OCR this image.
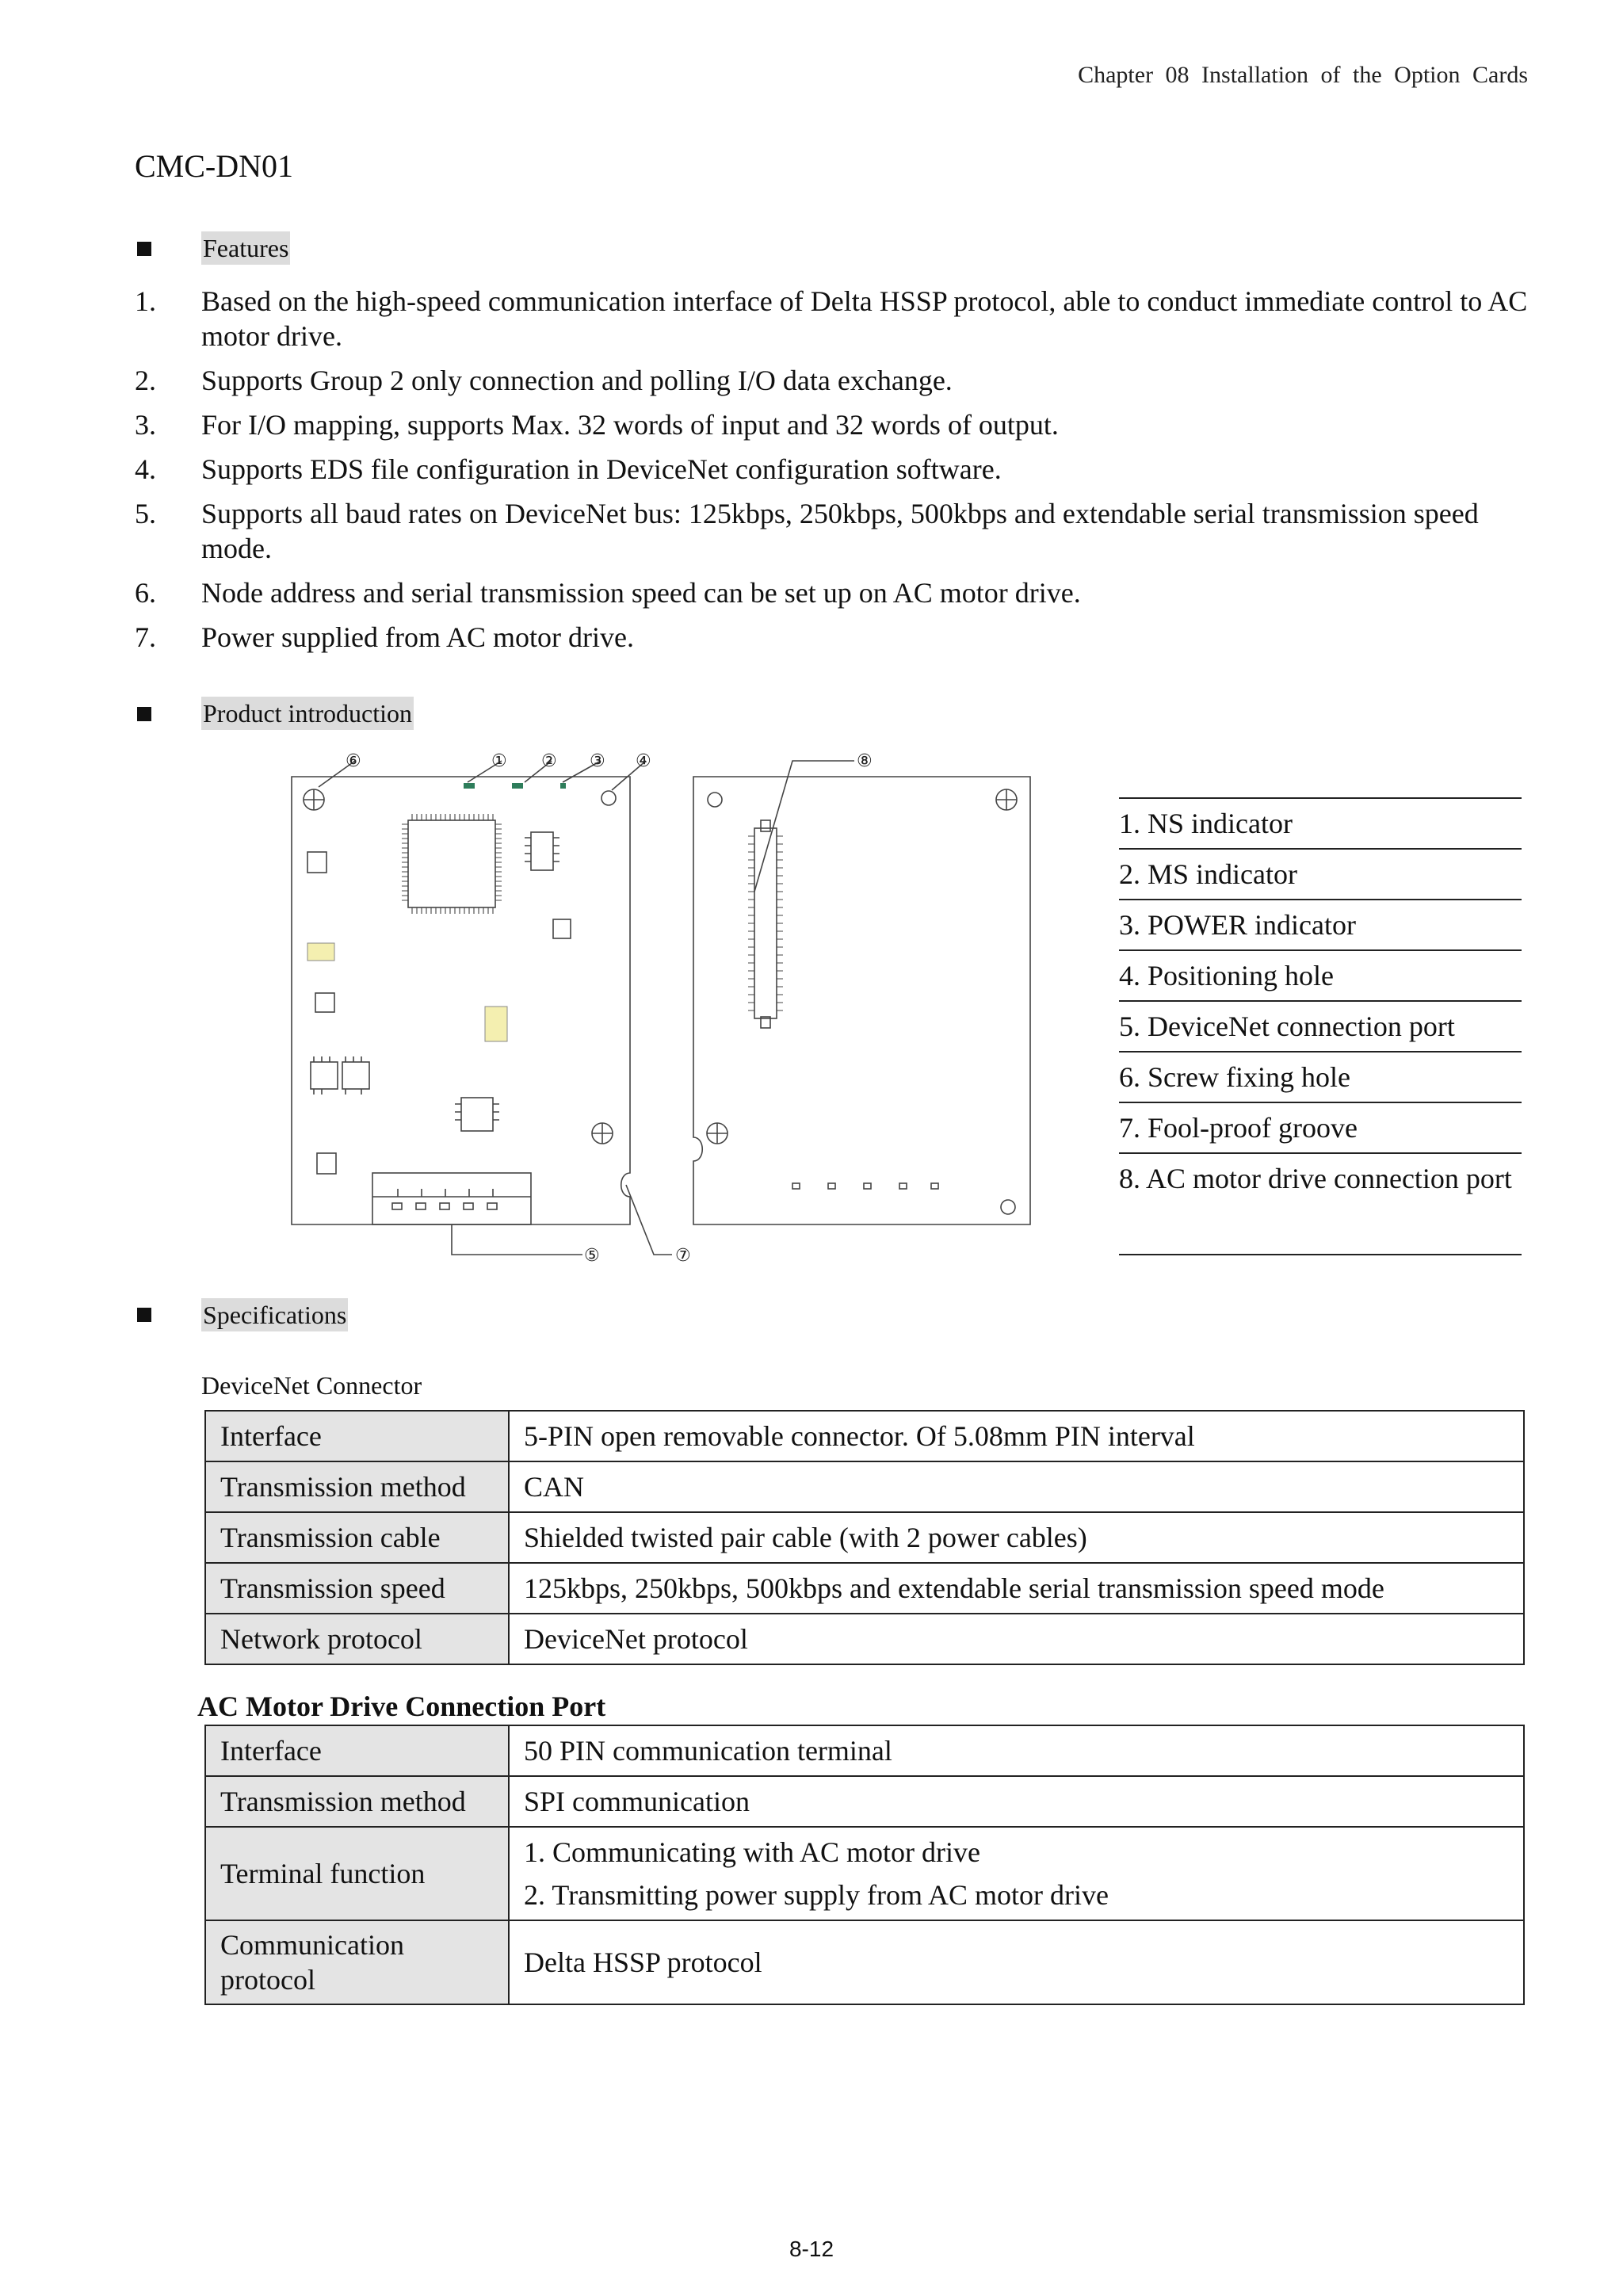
Chapter 08 Installation of the Option Cards
CMC-DN01
Features
1. Based on the high-speed communication interface of Delta HSSP protocol, able to conduct immediate control to AC motor drive.
2. Supports Group 2 only connection and polling I/O data exchange.
3. For I/O mapping, supports Max. 32 words of input and 32 words of output.
4. Supports EDS file configuration in DeviceNet configuration software.
5. Supports all baud rates on DeviceNet bus: 125kbps, 250kbps, 500kbps and extendable serial transmission speed mode.
6. Node address and serial transmission speed can be set up on AC motor drive.
7. Power supplied from AC motor drive.
Product introduction
⑥	① ② ③ ④	⑧
⑤	⑦
1. NS indicator
2. MS indicator
3. POWER indicator
4. Positioning hole
5. DeviceNet connection port
6. Screw fixing hole
7. Fool-proof groove
8. AC motor drive connection port
Specifications
DeviceNet Connector
Interface	5-PIN open removable connector. Of 5.08mm PIN interval
Transmission method	CAN
Transmission cable	Shielded twisted pair cable (with 2 power cables)
Transmission speed	125kbps, 250kbps, 500kbps and extendable serial transmission speed mode
Network protocol	DeviceNet protocol
AC Motor Drive Connection Port
Interface	50 PIN communication terminal
Transmission method	SPI communication
Terminal function	1. Communicating with AC motor drive
2. Transmitting power supply from AC motor drive

Communication protocol	Delta HSSP protocol
8-12
